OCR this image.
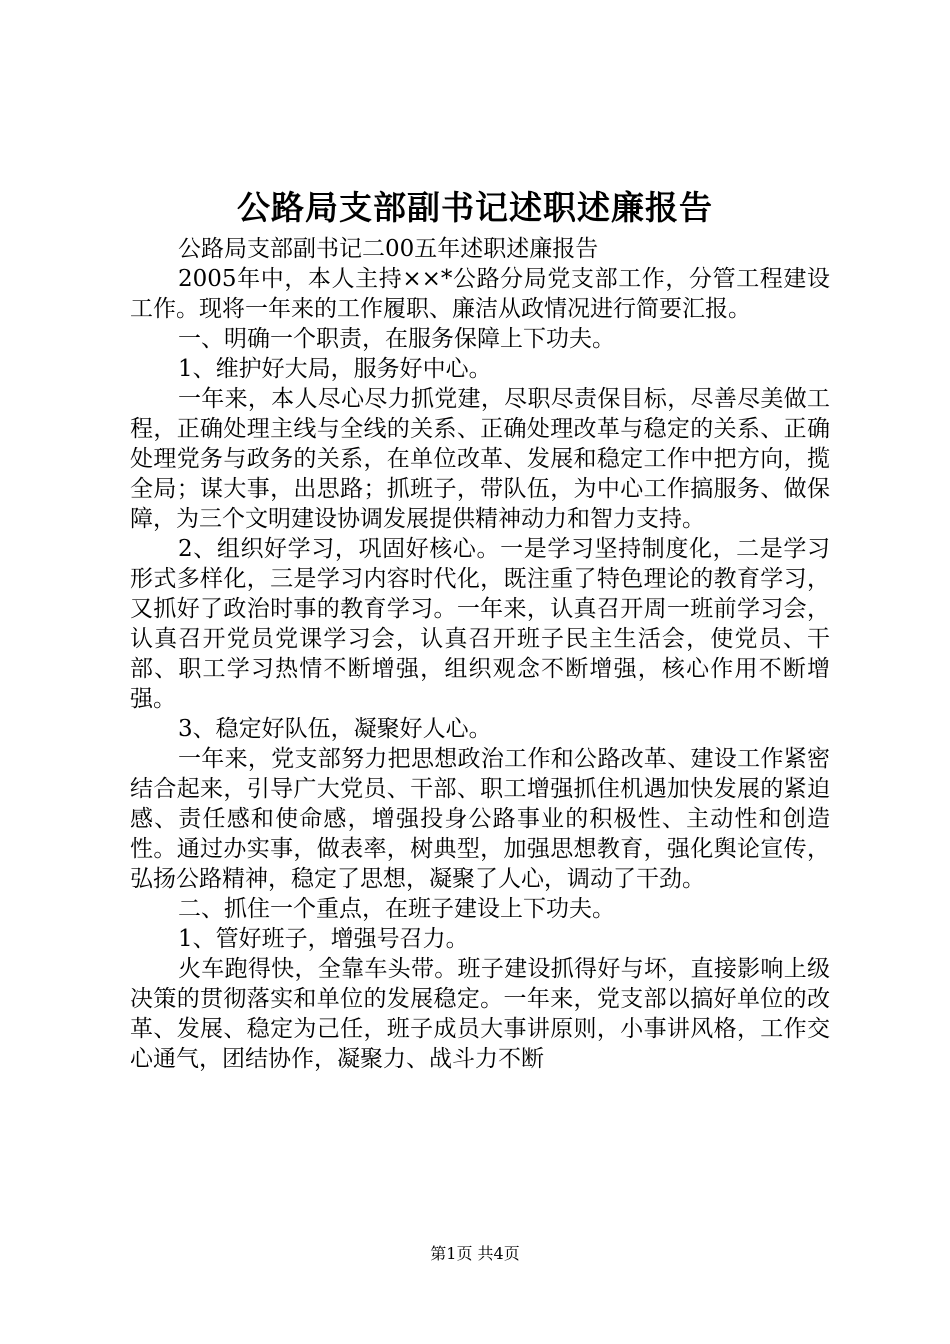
公路局支部副书记述职述廉报告

公路局支部副书记二00五年述职述廉报告

2005年中，本人主持××*公路分局党支部工作，分管工程建设工作。现将一年来的工作履职、廉洁从政情况进行简要汇报。

一、明确一个职责，在服务保障上下功夫。

1、维护好大局，服务好中心。

一年来，本人尽心尽力抓党建，尽职尽责保目标，尽善尽美做工程，正确处理主线与全线的关系、正确处理改革与稳定的关系、正确处理党务与政务的关系，在单位改革、发展和稳定工作中把方向，揽全局；谋大事，出思路；抓班子，带队伍，为中心工作搞服务、做保障，为三个文明建设协调发展提供精神动力和智力支持。

2、组织好学习，巩固好核心。一是学习坚持制度化，二是学习形式多样化，三是学习内容时代化，既注重了特色理论的教育学习，又抓好了政治时事的教育学习。一年来，认真召开周一班前学习会，认真召开党员党课学习会，认真召开班子民主生活会，使党员、干部、职工学习热情不断增强，组织观念不断增强，核心作用不断增强。

3、稳定好队伍，凝聚好人心。

一年来，党支部努力把思想政治工作和公路改革、建设工作紧密结合起来，引导广大党员、干部、职工增强抓住机遇加快发展的紧迫感、责任感和使命感，增强投身公路事业的积极性、主动性和创造性。通过办实事，做表率，树典型，加强思想教育，强化舆论宣传，弘扬公路精神，稳定了思想，凝聚了人心，调动了干劲。

二、抓住一个重点，在班子建设上下功夫。

1、管好班子，增强号召力。

火车跑得快，全靠车头带。班子建设抓得好与坏，直接影响上级决策的贯彻落实和单位的发展稳定。一年来，党支部以搞好单位的改革、发展、稳定为己任，班子成员大事讲原则，小事讲风格，工作交心通气，团结协作，凝聚力、战斗力不断

第1页 共4页
